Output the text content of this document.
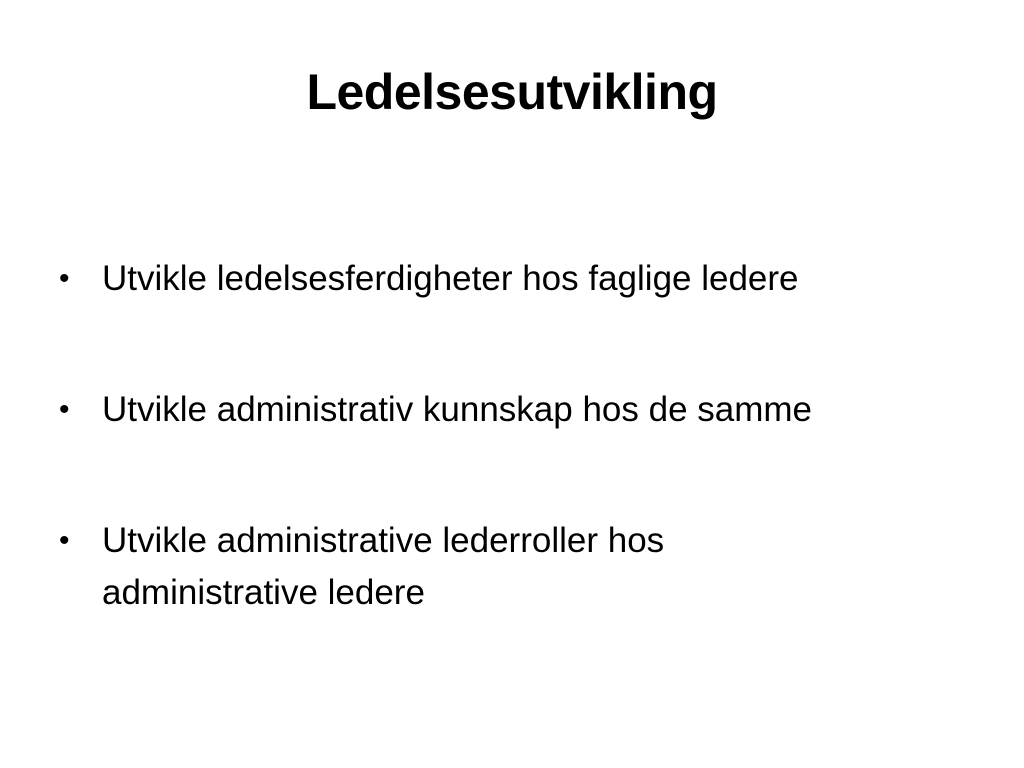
Ledelsesutvikling
• Utvikle ledelsesferdigheter hos faglige ledere
• Utvikle administrativ kunnskap hos de samme
• Utvikle administrative lederroller hos administrative ledere
